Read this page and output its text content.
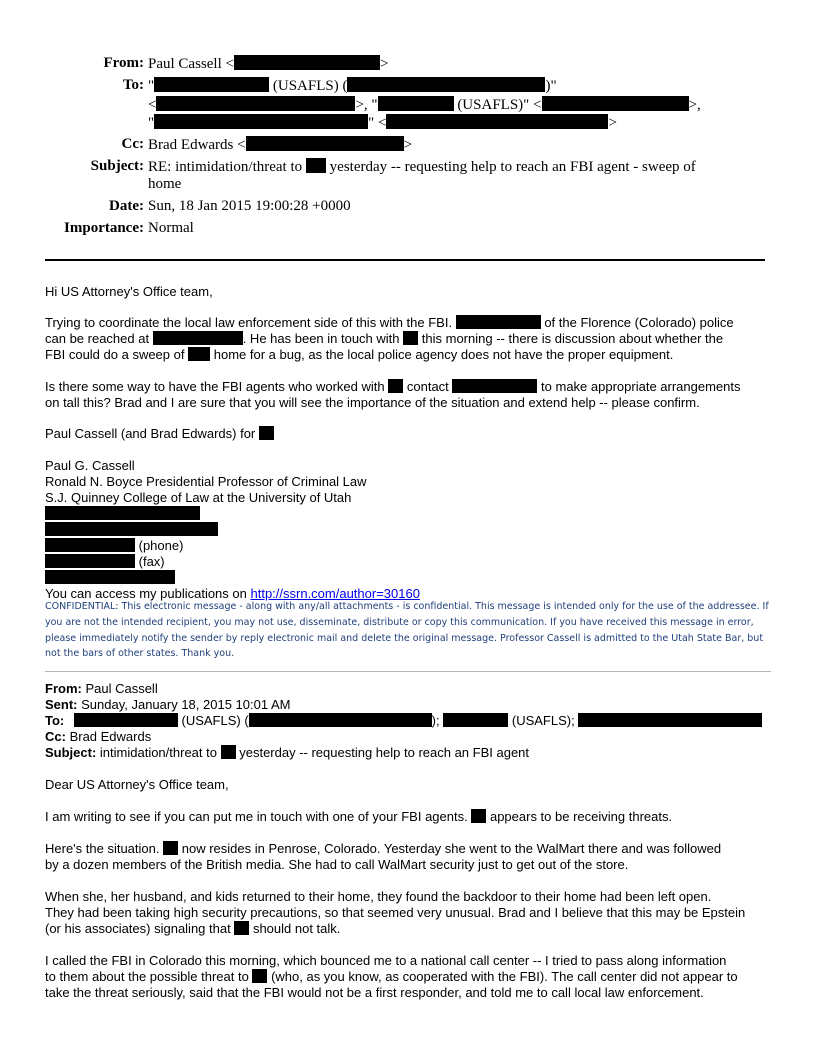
From: Paul Cassell <	>
To: "	(USAFLS) (	)"
<	>, "	(USAFLS)" <	>,
"	" <	>
Cc: Brad Edwards <	>
Subject: RE: intimidation/threat to yesterday -- requesting help to reach an FBI agent - sweep of
home
Date: Sun, 18 Jan 2015 19:00:28 +0000
Importance: Normal
Hi US Attorney's Office team,
Trying to coordinate the local law enforcement side of this with the FBI.	of the Florence (Colorado) police
can be reached at	. He has been in touch with this morning -- there is discussion about whether the
FBI could do a sweep of home for a bug, as the local police agency does not have the proper equipment.
Is there some way to have the FBI agents who worked with contact	to make appropriate arrangements
on tall this? Brad and I are sure that you will see the importance of the situation and extend help -- please confirm.
Paul Cassell (and Brad Edwards) for
Paul G. Cassell
Ronald N. Boyce Presidential Professor of Criminal Law
S.J. Quinney College of Law at the University of Utah
(phone)
(fax)
You can access my publications on http://ssrn.com/author=30160
CONFIDENTIAL: This electronic message - along with any/all attachments - is confidential. This message is intended only for the use of the addressee. If you are not the intended recipient, you may not use, disseminate, distribute or copy this communication. If you have received this message in error, please immediately notify the sender by reply electronic mail and delete the original message. Professor Cassell is admitted to the Utah State Bar, but not the bars of other states. Thank you.
From: Paul Cassell
Sent: Sunday, January 18, 2015 10:01 AM
To:	(USAFLS) (	);	(USAFLS);
Cc: Brad Edwards
Subject: intimidation/threat to yesterday -- requesting help to reach an FBI agent
Dear US Attorney's Office team,
I am writing to see if you can put me in touch with one of your FBI agents. appears to be receiving threats.
Here's the situation. now resides in Penrose, Colorado. Yesterday she went to the WalMart there and was followed
by a dozen members of the British media. She had to call WalMart security just to get out of the store.
When she, her husband, and kids returned to their home, they found the backdoor to their home had been left open.
They had been taking high security precautions, so that seemed very unusual. Brad and I believe that this may be Epstein
(or his associates) signaling that should not talk.
I called the FBI in Colorado this morning, which bounced me to a national call center -- I tried to pass along information
to them about the possible threat to (who, as you know, as cooperated with the FBI). The call center did not appear to
take the threat seriously, said that the FBI would not be a first responder, and told me to call local law enforcement.
